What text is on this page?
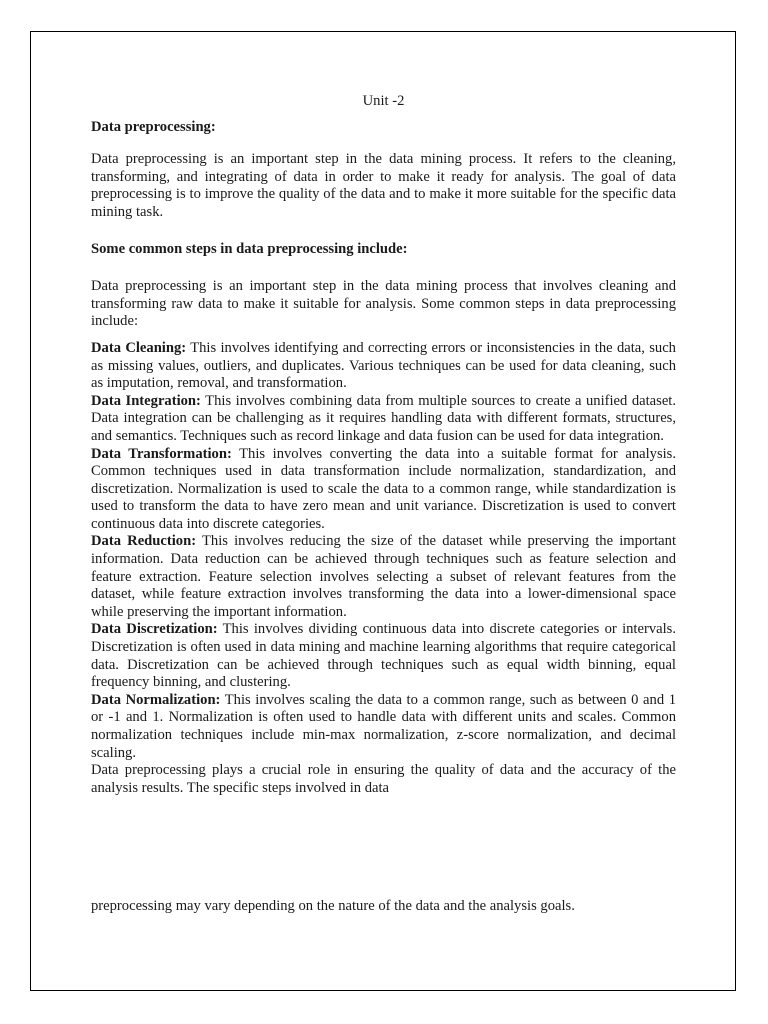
Unit -2

Data preprocessing:

Data preprocessing is an important step in the data mining process. It refers to the cleaning, transforming, and integrating of data in order to make it ready for analysis. The goal of data preprocessing is to improve the quality of the data and to make it more suitable for the specific data mining task.

Some common steps in data preprocessing include:

Data preprocessing is an important step in the data mining process that involves cleaning and transforming raw data to make it suitable for analysis. Some common steps in data preprocessing include:

Data Cleaning: This involves identifying and correcting errors or inconsistencies in the data, such as missing values, outliers, and duplicates. Various techniques can be used for data cleaning, such as imputation, removal, and transformation.

Data Integration: This involves combining data from multiple sources to create a unified dataset. Data integration can be challenging as it requires handling data with different formats, structures, and semantics. Techniques such as record linkage and data fusion can be used for data integration.

Data Transformation: This involves converting the data into a suitable format for analysis. Common techniques used in data transformation include normalization, standardization, and discretization. Normalization is used to scale the data to a common range, while standardization is used to transform the data to have zero mean and unit variance. Discretization is used to convert continuous data into discrete categories.

Data Reduction: This involves reducing the size of the dataset while preserving the important information. Data reduction can be achieved through techniques such as feature selection and feature extraction. Feature selection involves selecting a subset of relevant features from the dataset, while feature extraction involves transforming the data into a lower-dimensional space while preserving the important information.

Data Discretization: This involves dividing continuous data into discrete categories or intervals. Discretization is often used in data mining and machine learning algorithms that require categorical data. Discretization can be achieved through techniques such as equal width binning, equal frequency binning, and clustering.

Data Normalization: This involves scaling the data to a common range, such as between 0 and 1 or -1 and 1. Normalization is often used to handle data with different units and scales. Common normalization techniques include min-max normalization, z-score normalization, and decimal scaling.

Data preprocessing plays a crucial role in ensuring the quality of data and the accuracy of the analysis results. The specific steps involved in data

preprocessing may vary depending on the nature of the data and the analysis goals.
